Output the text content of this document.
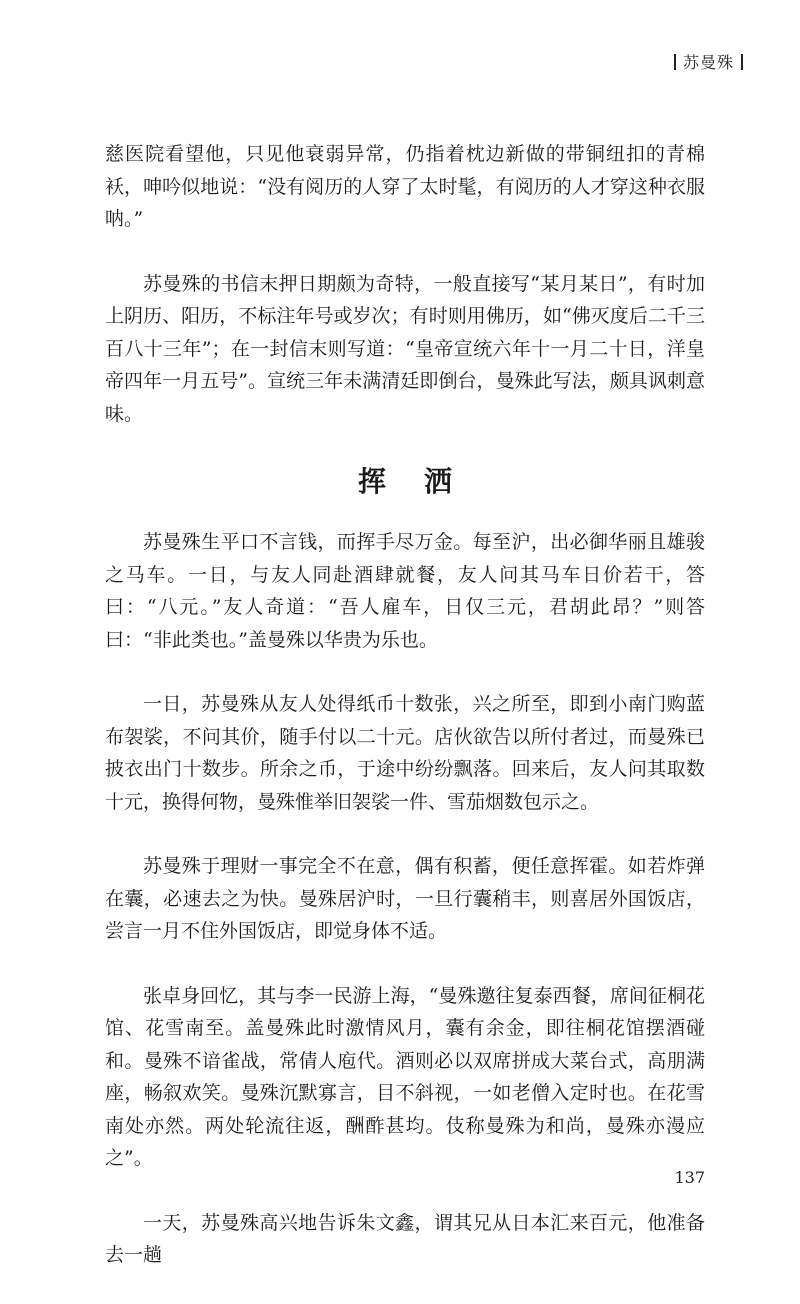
苏曼殊

慈医院看望他，只见他衰弱异常，仍指着枕边新做的带铜纽扣的青棉袄，呻吟似地说：“没有阅历的人穿了太时髦，有阅历的人才穿这种衣服呐。”

苏曼殊的书信末押日期颇为奇特，一般直接写“某月某日”，有时加上阴历、阳历，不标注年号或岁次；有时则用佛历，如“佛灭度后二千三百八十三年”；在一封信末则写道：“皇帝宣统六年十一月二十日，洋皇帝四年一月五号”。宣统三年未满清廷即倒台，曼殊此写法，颇具讽刺意味。

挥洒

苏曼殊生平口不言钱，而挥手尽万金。每至沪，出必御华丽且雄骏之马车。一日，与友人同赴酒肆就餐，友人问其马车日价若干，答曰：“八元。”友人奇道：“吾人雇车，日仅三元，君胡此昂？”则答曰：“非此类也。”盖曼殊以华贵为乐也。

一日，苏曼殊从友人处得纸币十数张，兴之所至，即到小南门购蓝布袈裟，不问其价，随手付以二十元。店伙欲告以所付者过，而曼殊已披衣出门十数步。所余之币，于途中纷纷飘落。回来后，友人问其取数十元，换得何物，曼殊惟举旧袈裟一件、雪茄烟数包示之。

苏曼殊于理财一事完全不在意，偶有积蓄，便任意挥霍。如若炸弹在囊，必速去之为快。曼殊居沪时，一旦行囊稍丰，则喜居外国饭店，尝言一月不住外国饭店，即觉身体不适。

张卓身回忆，其与李一民游上海，“曼殊邀往复泰西餐，席间征桐花馆、花雪南至。盖曼殊此时激情风月，囊有余金，即往桐花馆摆酒碰和。曼殊不谙雀战，常倩人庖代。酒则必以双席拼成大菜台式，高朋满座，畅叙欢笑。曼殊沉默寡言，目不斜视，一如老僧入定时也。在花雪南处亦然。两处轮流往返，酬酢甚均。伎称曼殊为和尚，曼殊亦漫应之”。

一天，苏曼殊高兴地告诉朱文鑫，谓其兄从日本汇来百元，他准备去一趟

137
